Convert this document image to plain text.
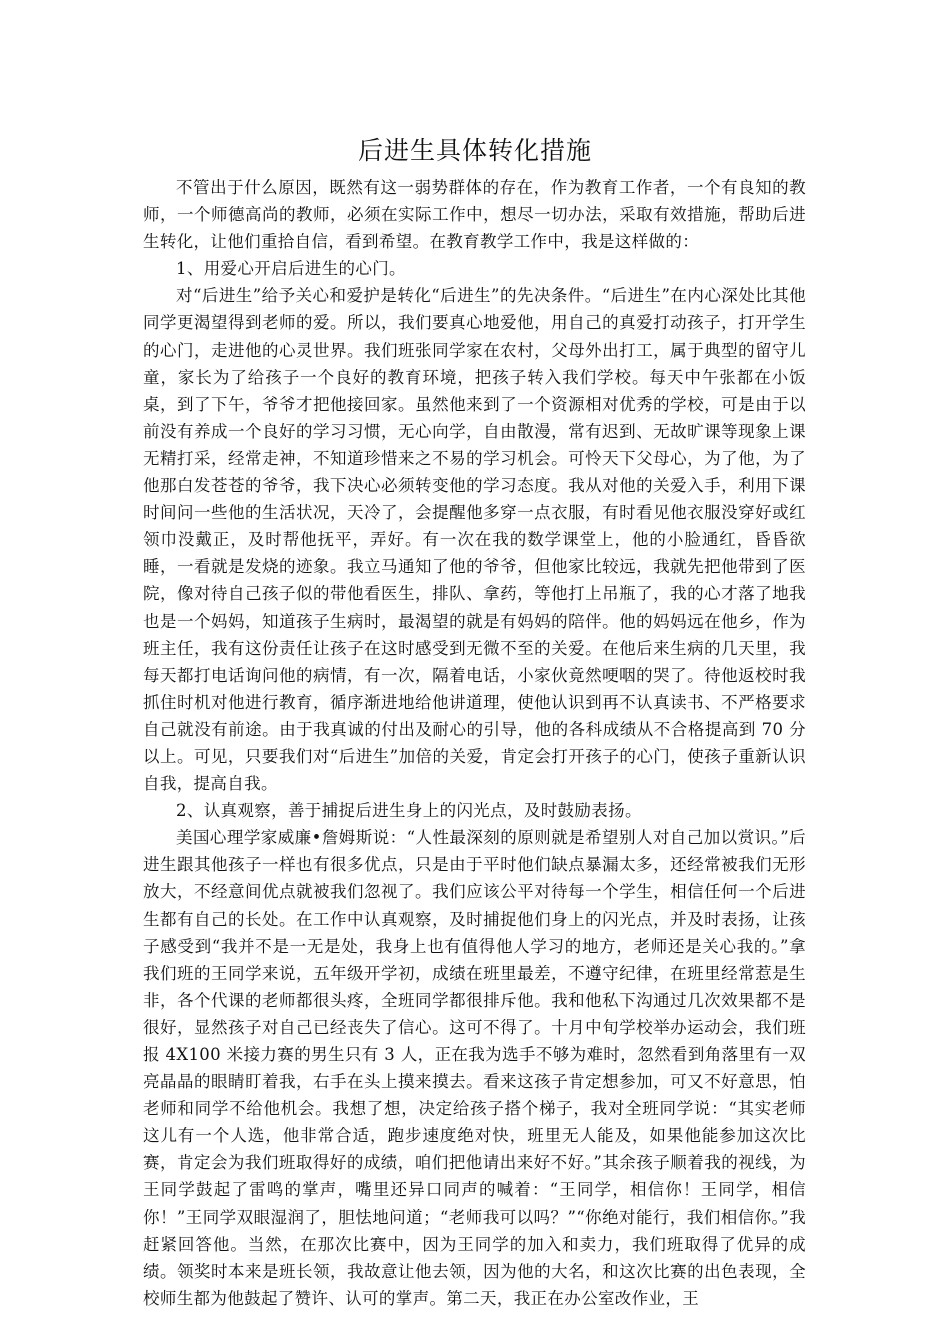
后进生具体转化措施

不管出于什么原因，既然有这一弱势群体的存在，作为教育工作者，一个有良知的教师，一个师德高尚的教师，必须在实际工作中，想尽一切办法，采取有效措施，帮助后进生转化，让他们重拾自信，看到希望。在教育教学工作中，我是这样做的：

1、用爱心开启后进生的心门。

对“后进生”给予关心和爱护是转化“后进生”的先决条件。“后进生”在内心深处比其他同学更渴望得到老师的爱。所以，我们要真心地爱他，用自己的真爱打动孩子，打开学生的心门，走进他的心灵世界。我们班张同学家在农村，父母外出打工，属于典型的留守儿童，家长为了给孩子一个良好的教育环境，把孩子转入我们学校。每天中午张都在小饭桌，到了下午，爷爷才把他接回家。虽然他来到了一个资源相对优秀的学校，可是由于以前没有养成一个良好的学习习惯，无心向学，自由散漫，常有迟到、无故旷课等现象上课无精打采，经常走神，不知道珍惜来之不易的学习机会。可怜天下父母心，为了他，为了他那白发苍苍的爷爷，我下决心必须转变他的学习态度。我从对他的关爱入手，利用下课时间问一些他的生活状况，天冷了，会提醒他多穿一点衣服，有时看见他衣服没穿好或红领巾没戴正，及时帮他抚平，弄好。有一次在我的数学课堂上，他的小脸通红，昏昏欲睡，一看就是发烧的迹象。我立马通知了他的爷爷，但他家比较远，我就先把他带到了医院，像对待自己孩子似的带他看医生，排队、拿药，等他打上吊瓶了，我的心才落了地我也是一个妈妈，知道孩子生病时，最渴望的就是有妈妈的陪伴。他的妈妈远在他乡，作为班主任，我有这份责任让孩子在这时感受到无微不至的关爱。在他后来生病的几天里，我每天都打电话询问他的病情，有一次，隔着电话，小家伙竟然哽咽的哭了。待他返校时我抓住时机对他进行教育，循序渐进地给他讲道理，使他认识到再不认真读书、不严格要求自己就没有前途。由于我真诚的付出及耐心的引导，他的各科成绩从不合格提高到 70 分以上。可见，只要我们对“后进生”加倍的关爱，肯定会打开孩子的心门，使孩子重新认识自我，提高自我。

2、认真观察，善于捕捉后进生身上的闪光点，及时鼓励表扬。

美国心理学家威廉•詹姆斯说：“人性最深刻的原则就是希望别人对自己加以赏识。”后进生跟其他孩子一样也有很多优点，只是由于平时他们缺点暴漏太多，还经常被我们无形放大，不经意间优点就被我们忽视了。我们应该公平对待每一个学生，相信任何一个后进生都有自己的长处。在工作中认真观察，及时捕捉他们身上的闪光点，并及时表扬，让孩子感受到“我并不是一无是处，我身上也有值得他人学习的地方，老师还是关心我的。”拿我们班的王同学来说，五年级开学初，成绩在班里最差，不遵守纪律，在班里经常惹是生非，各个代课的老师都很头疼，全班同学都很排斥他。我和他私下沟通过几次效果都不是很好，显然孩子对自己已经丧失了信心。这可不得了。十月中旬学校举办运动会，我们班报 4X100 米接力赛的男生只有 3 人，正在我为选手不够为难时，忽然看到角落里有一双亮晶晶的眼睛盯着我，右手在头上摸来摸去。看来这孩子肯定想参加，可又不好意思，怕老师和同学不给他机会。我想了想，决定给孩子搭个梯子，我对全班同学说：“其实老师这儿有一个人选，他非常合适，跑步速度绝对快，班里无人能及，如果他能参加这次比赛，肯定会为我们班取得好的成绩，咱们把他请出来好不好。”其余孩子顺着我的视线，为王同学鼓起了雷鸣的掌声，嘴里还异口同声的喊着：“王同学，相信你！王同学，相信你！”王同学双眼湿润了，胆怯地问道；“老师我可以吗？”“你绝对能行，我们相信你。”我赶紧回答他。当然，在那次比赛中，因为王同学的加入和卖力，我们班取得了优异的成绩。领奖时本来是班长领，我故意让他去领，因为他的大名，和这次比赛的出色表现，全校师生都为他鼓起了赞许、认可的掌声。第二天，我正在办公室改作业，王
